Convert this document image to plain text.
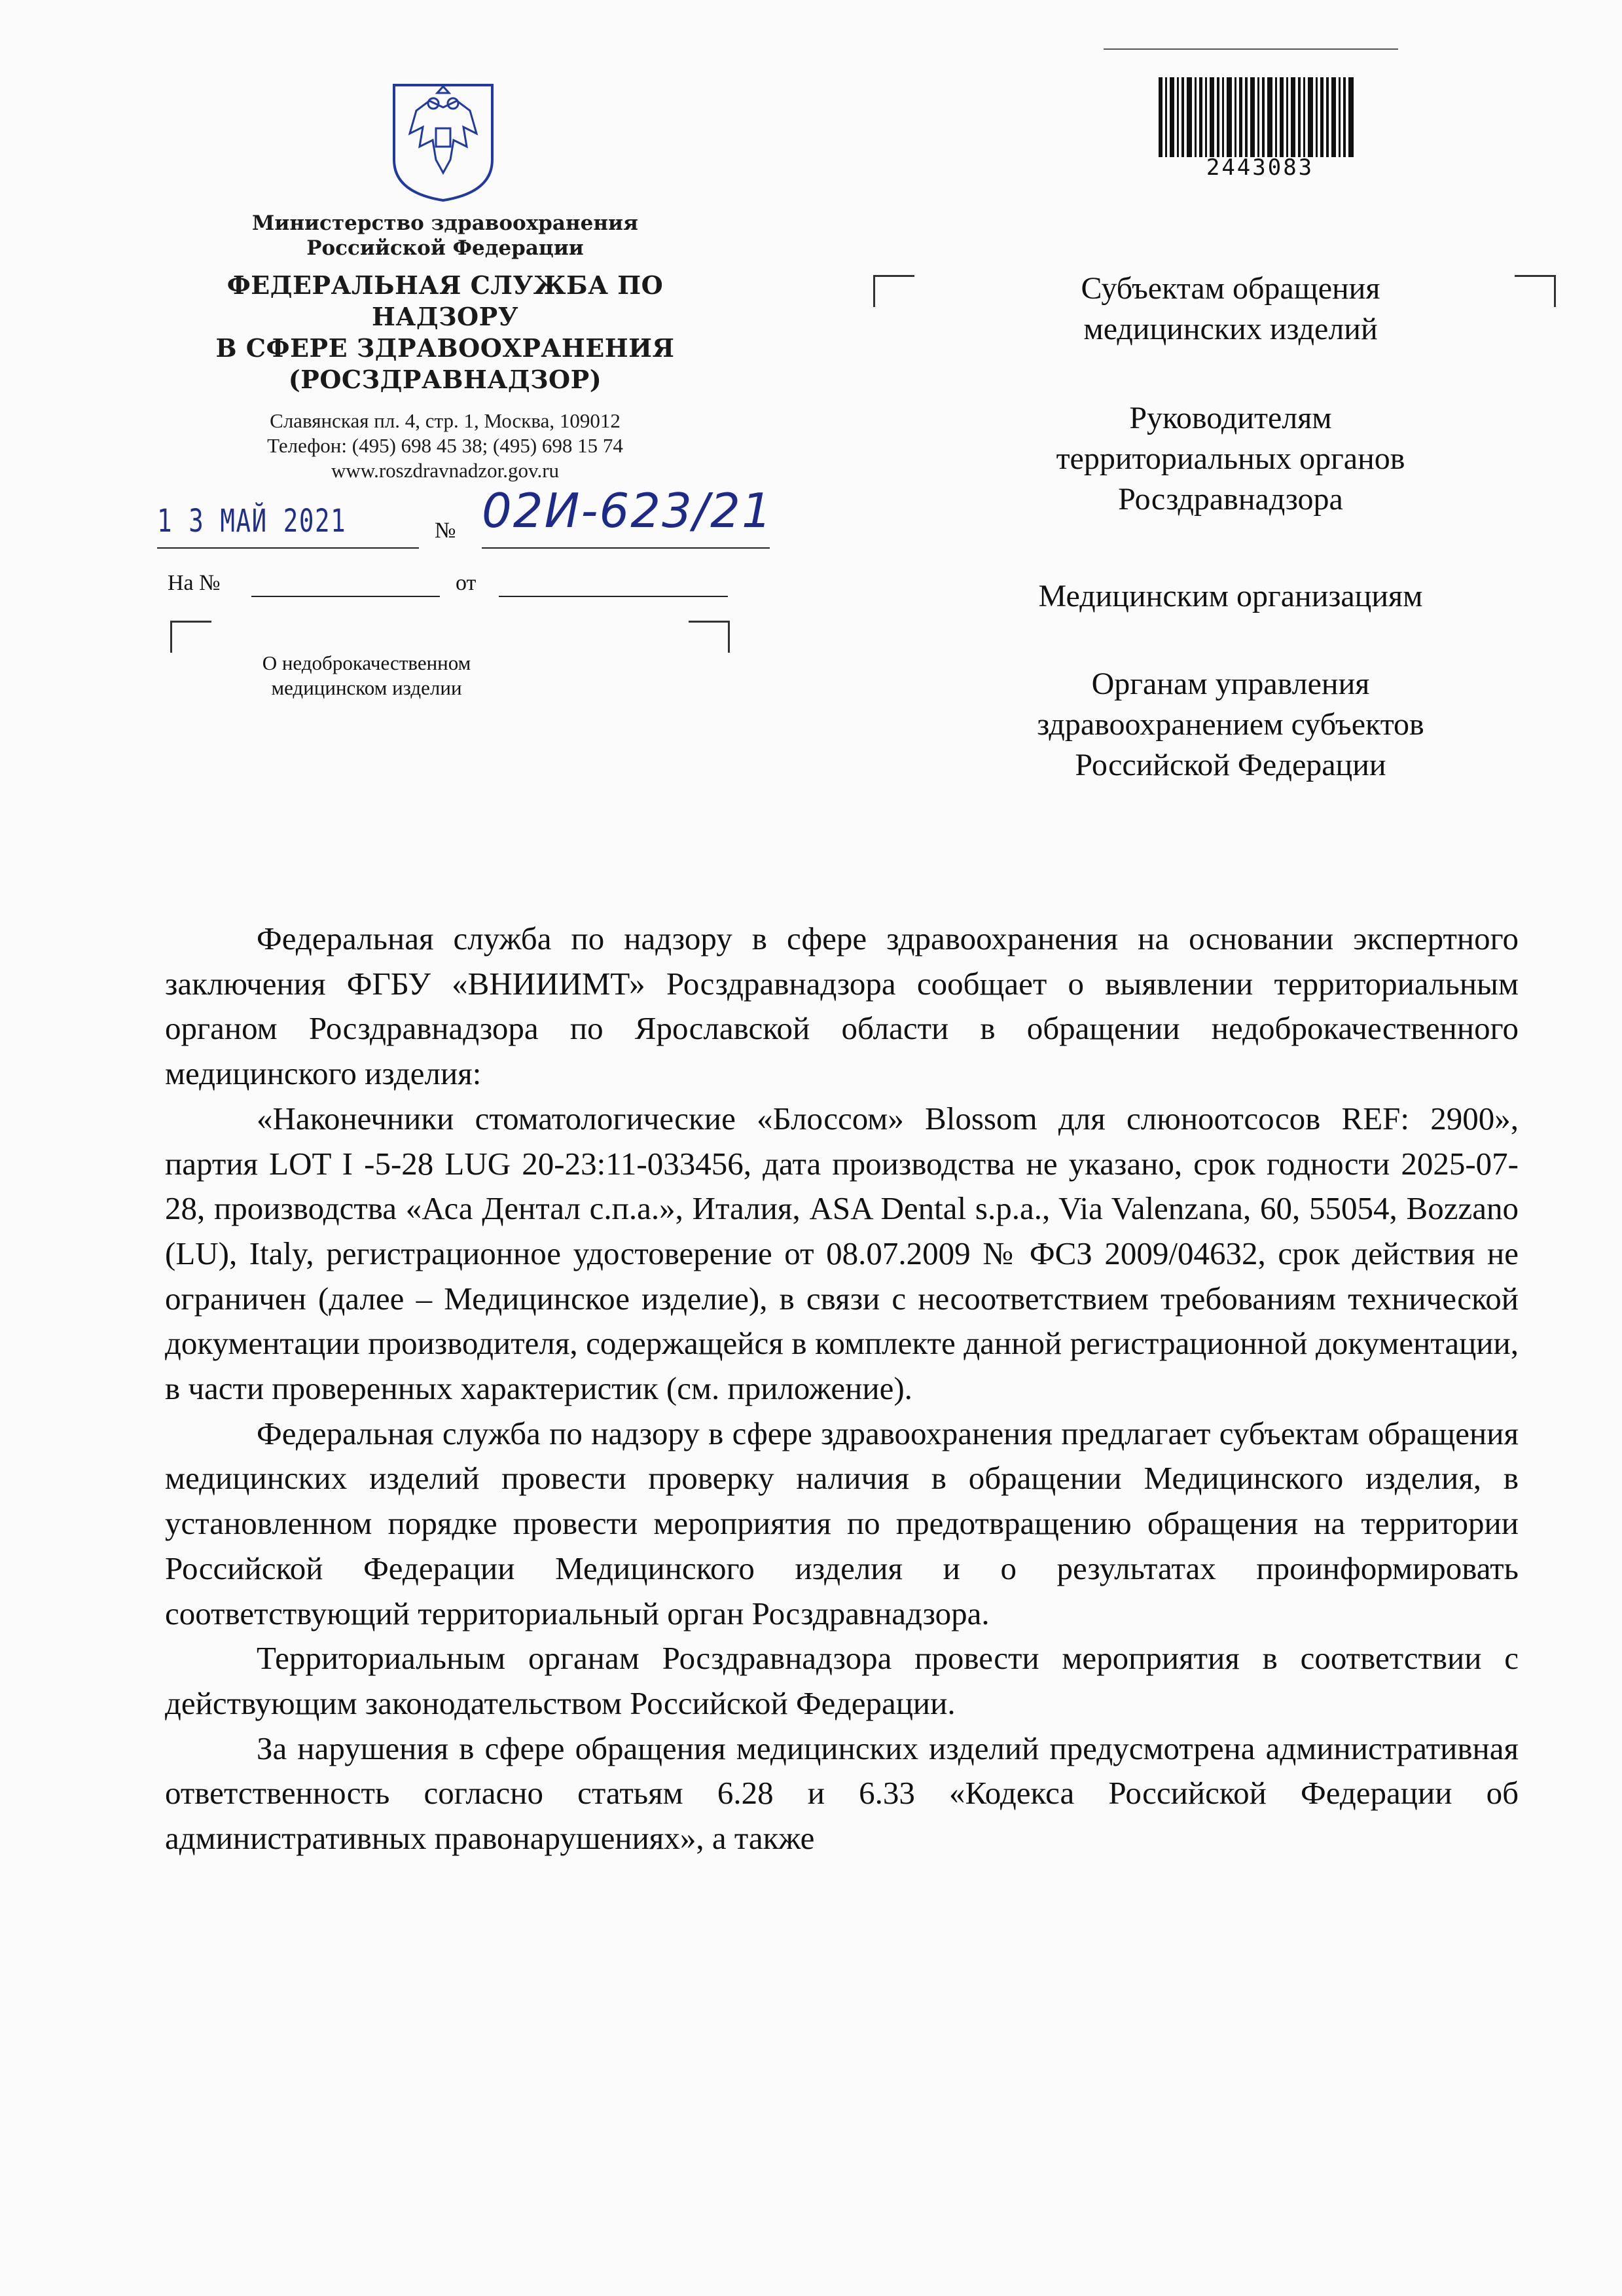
Министерство здравоохранения
Российской Федерации
ФЕДЕРАЛЬНАЯ СЛУЖБА ПО НАДЗОРУ
В СФЕРЕ ЗДРАВООХРАНЕНИЯ
(РОСЗДРАВНАДЗОР)
Славянская пл. 4, стр. 1, Москва, 109012
Телефон: (495) 698 45 38; (495) 698 15 74
www.roszdravnadzor.gov.ru
1 3 МАЙ 2021	№ 02И-623/21
На №	от
О недоброкачественном
медицинском изделии
2443083
Субъектам обращения
медицинских изделий
Руководителям
территориальных органов
Росздравнадзора
Медицинским организациям
Органам управления
здравоохранением субъектов
Российской Федерации

Федеральная служба по надзору в сфере здравоохранения на основании экспертного заключения ФГБУ «ВНИИИМТ» Росздравнадзора сообщает о выявлении территориальным органом Росздравнадзора по Ярославской области в обращении недоброкачественного медицинского изделия:

«Наконечники стоматологические «Блоссом» Blossom для слюноотсосов REF: 2900», партия LOT I -5-28 LUG 20-23:11-033456, дата производства не указано, срок годности 2025-07-28, производства «Аса Дентал с.п.а.», Италия, ASA Dental s.p.a., Via Valenzana, 60, 55054, Bozzano (LU), Italy, регистрационное удостоверение от 08.07.2009 № ФСЗ 2009/04632, срок действия не ограничен (далее – Медицинское изделие), в связи с несоответствием требованиям технической документации производителя, содержащейся в комплекте данной регистрационной документации, в части проверенных характеристик (см. приложение).

Федеральная служба по надзору в сфере здравоохранения предлагает субъектам обращения медицинских изделий провести проверку наличия в обращении Медицинского изделия, в установленном порядке провести мероприятия по предотвращению обращения на территории Российской Федерации Медицинского изделия и о результатах проинформировать соответствующий территориальный орган Росздравнадзора.

Территориальным органам Росздравнадзора провести мероприятия в соответствии с действующим законодательством Российской Федерации.

За нарушения в сфере обращения медицинских изделий предусмотрена административная ответственность согласно статьям 6.28 и 6.33 «Кодекса Российской Федерации об административных правонарушениях», а также
